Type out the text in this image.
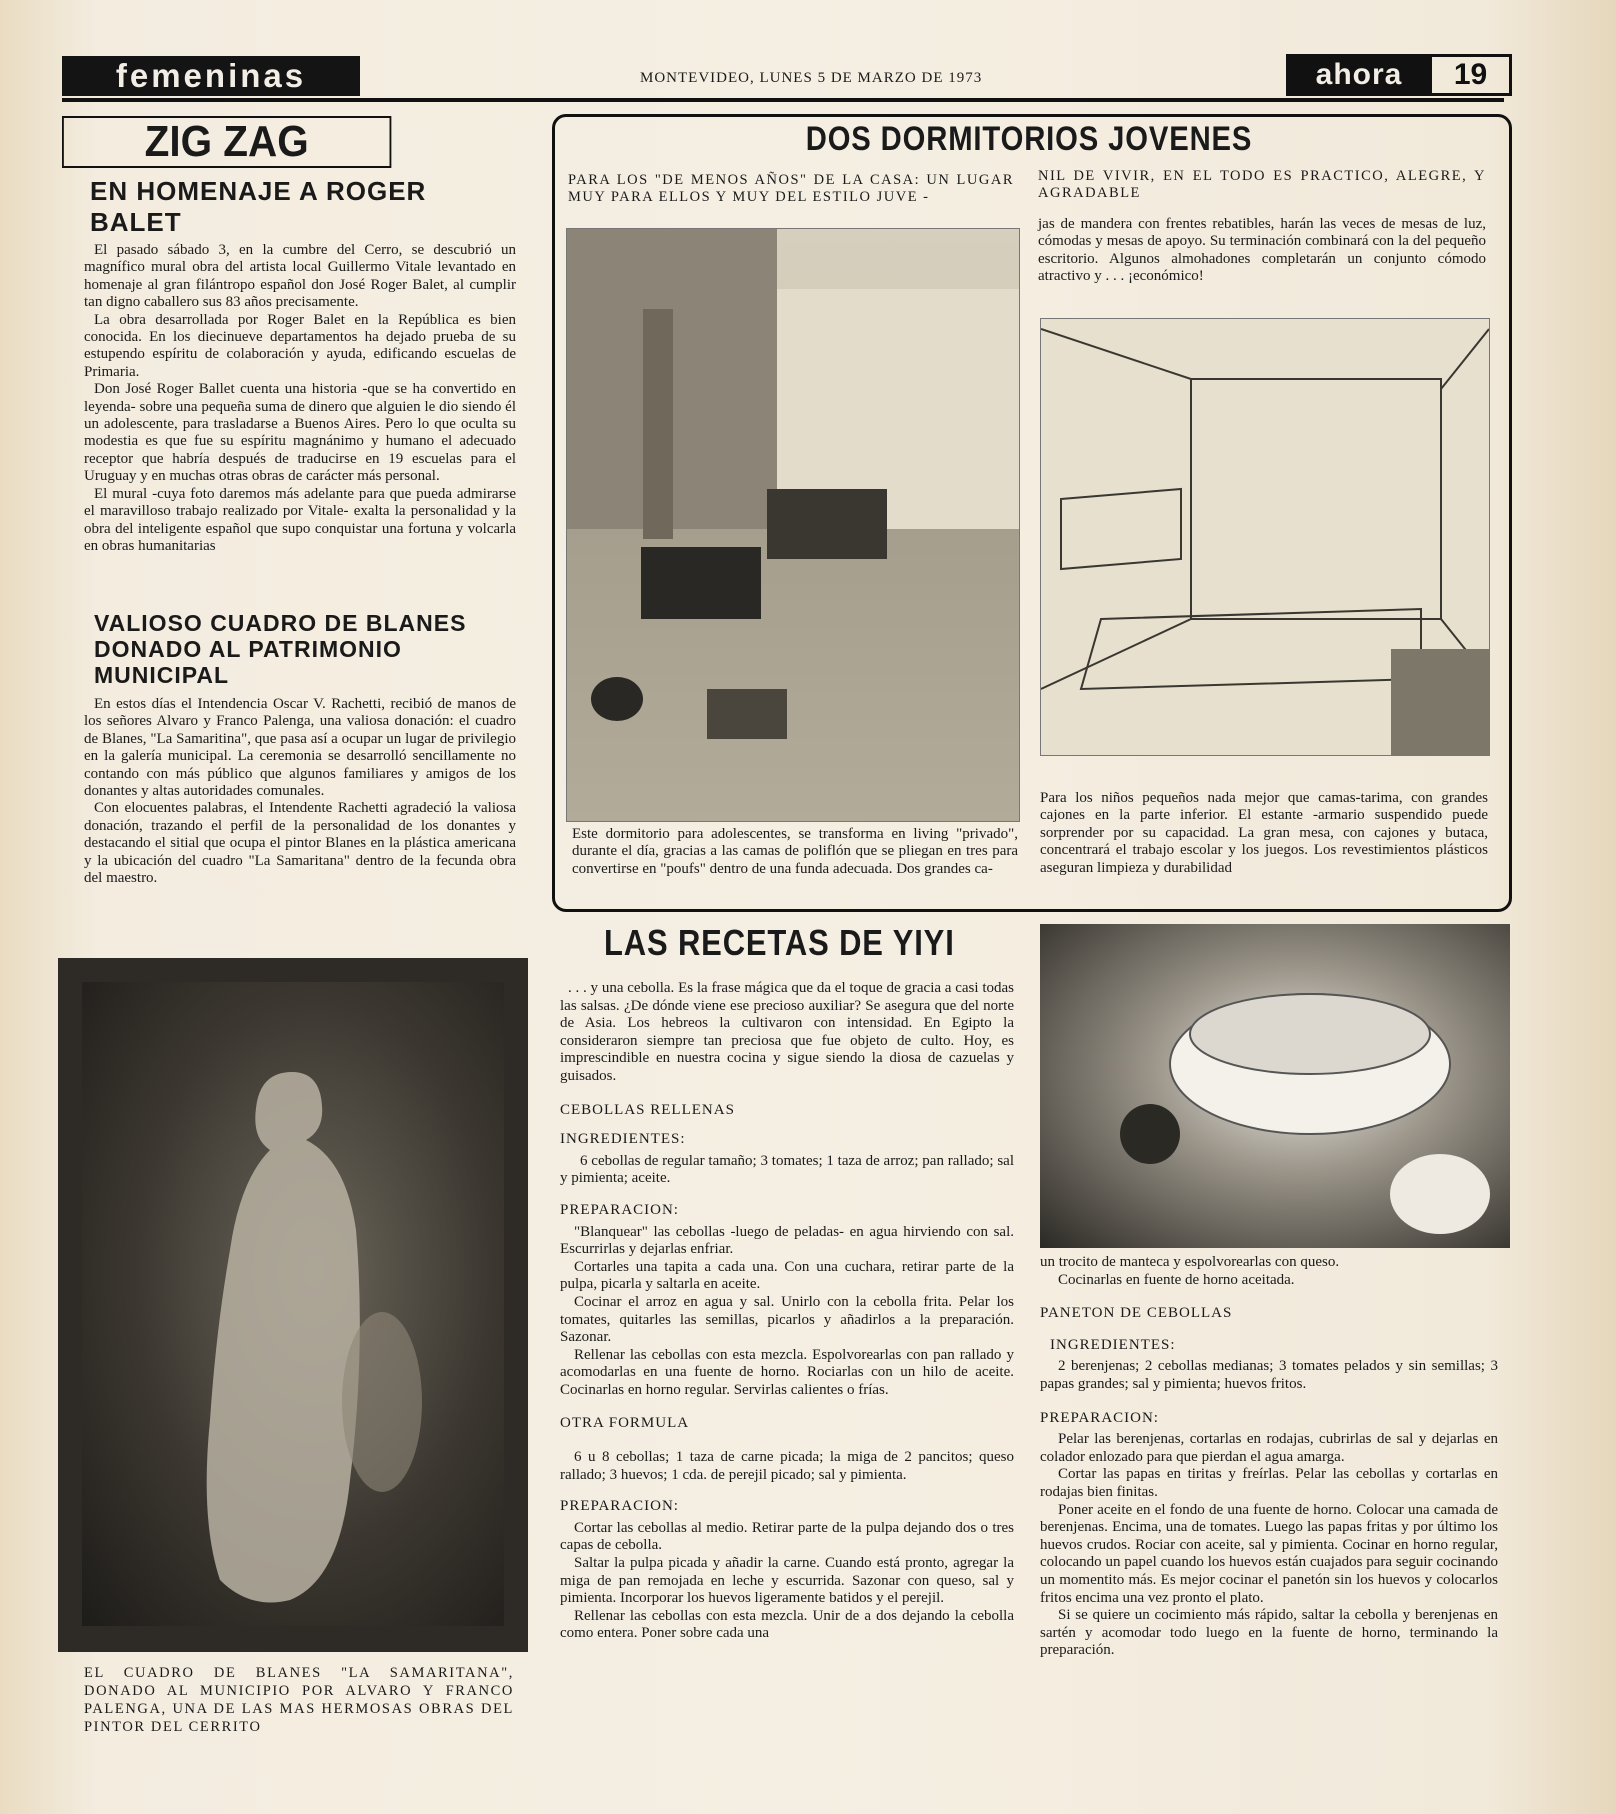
femeninas	MONTEVIDEO, LUNES 5 DE MARZO DE 1973	ahora	19
ZIG ZAG
EN HOMENAJE A ROGER BALET

El pasado sábado 3, en la cumbre del Cerro, se descubrió un magnífico mural obra del artista local Guillermo Vitale levantado en homenaje al gran filántropo español don José Roger Balet, al cumplir tan digno caballero sus 83 años precisamente.

La obra desarrollada por Roger Balet en la República es bien conocida. En los diecinueve departamentos ha dejado prueba de su estupendo espíritu de colaboración y ayuda, edificando escuelas de Primaria.

Don José Roger Ballet cuenta una historia -que se ha convertido en leyenda- sobre una pequeña suma de dinero que alguien le dio siendo él un adolescente, para trasladarse a Buenos Aires. Pero lo que oculta su modestia es que fue su espíritu magnánimo y humano el adecuado receptor que habría después de traducirse en 19 escuelas para el Uruguay y en muchas otras obras de carácter más personal.

El mural -cuya foto daremos más adelante para que pueda admirarse el maravilloso trabajo realizado por Vitale- exalta la personalidad y la obra del inteligente español que supo conquistar una fortuna y volcarla en obras humanitarias

VALIOSO CUADRO DE BLANES DONADO AL PATRIMONIO MUNICIPAL

En estos días el Intendencia Oscar V. Rachetti, recibió de manos de los señores Alvaro y Franco Palenga, una valiosa donación: el cuadro de Blanes, "La Samaritina", que pasa así a ocupar un lugar de privilegio en la galería municipal. La ceremonia se desarrolló sencillamente no contando con más público que algunos familiares y amigos de los donantes y altas autoridades comunales.

Con elocuentes palabras, el Intendente Rachetti agradeció la valiosa donación, trazando el perfil de la personalidad de los donantes y destacando el sitial que ocupa el pintor Blanes en la plástica americana y la ubicación del cuadro "La Samaritana" dentro de la fecunda obra del maestro.

EL CUADRO DE BLANES "LA SAMARITANA", DONADO AL MUNICIPIO POR ALVARO Y FRANCO PALENGA, UNA DE LAS MAS HERMOSAS OBRAS DEL PINTOR DEL CERRITO
DOS DORMITORIOS JOVENES
PARA LOS "DE MENOS AÑOS" DE LA CASA: UN LUGAR MUY PARA ELLOS Y MUY DEL ESTILO JUVE -
NIL DE VIVIR, EN EL TODO ES PRACTICO, ALEGRE, Y AGRADABLE
jas de mandera con frentes rebatibles, harán las veces de mesas de luz, cómodas y mesas de apoyo. Su terminación combinará con la del pequeño escritorio. Algunos almohadones completarán un conjunto cómodo atractivo y . . . ¡económico!
Este dormitorio para adolescentes, se transforma en living "privado", durante el día, gracias a las camas de poliflón que se pliegan en tres para convertirse en "poufs" dentro de una funda adecuada. Dos grandes ca-
Para los niños pequeños nada mejor que camas-tarima, con grandes cajones en la parte inferior. El estante -armario suspendido puede sorprender por su capacidad. La gran mesa, con cajones y butaca, concentrará el trabajo escolar y los juegos. Los revestimientos plásticos aseguran limpieza y durabilidad
LAS RECETAS DE YIYI
. . . y una cebolla. Es la frase mágica que da el toque de gracia a casi todas las salsas. ¿De dónde viene ese precioso auxiliar? Se asegura que del norte de Asia. Los hebreos la cultivaron con intensidad. En Egipto la consideraron siempre tan preciosa que fue objeto de culto. Hoy, es imprescindible en nuestra cocina y sigue siendo la diosa de cazuelas y guisados.
CEBOLLAS RELLENAS
INGREDIENTES:
6 cebollas de regular tamaño; 3 tomates; 1 taza de arroz; pan rallado; sal y pimienta; aceite.
PREPARACION:
"Blanquear" las cebollas -luego de peladas- en agua hirviendo con sal. Escurrirlas y dejarlas enfriar.
Cortarles una tapita a cada una. Con una cuchara, retirar parte de la pulpa, picarla y saltarla en aceite.
Cocinar el arroz en agua y sal. Unirlo con la cebolla frita. Pelar los tomates, quitarles las semillas, picarlos y añadirlos a la preparación. Sazonar.
Rellenar las cebollas con esta mezcla. Espolvorearlas con pan rallado y acomodarlas en una fuente de horno. Rociarlas con un hilo de aceite. Cocinarlas en horno regular. Servirlas calientes o frías.
OTRA FORMULA
6 u 8 cebollas; 1 taza de carne picada; la miga de 2 pancitos; queso rallado; 3 huevos; 1 cda. de perejil picado; sal y pimienta.
PREPARACION:
Cortar las cebollas al medio. Retirar parte de la pulpa dejando dos o tres capas de cebolla.
Saltar la pulpa picada y añadir la carne. Cuando está pronto, agregar la miga de pan remojada en leche y escurrida. Sazonar con queso, sal y pimienta. Incorporar los huevos ligeramente batidos y el perejil.
Rellenar las cebollas con esta mezcla. Unir de a dos dejando la cebolla como entera. Poner sobre cada una
un trocito de manteca y espolvorearlas con queso.
Cocinarlas en fuente de horno aceitada.
PANETON DE CEBOLLAS
INGREDIENTES:
2 berenjenas; 2 cebollas medianas; 3 tomates pelados y sin semillas; 3 papas grandes; sal y pimienta; huevos fritos.
PREPARACION:
Pelar las berenjenas, cortarlas en rodajas, cubrirlas de sal y dejarlas en colador enlozado para que pierdan el agua amarga.
Cortar las papas en tiritas y freírlas. Pelar las cebollas y cortarlas en rodajas bien finitas.
Poner aceite en el fondo de una fuente de horno. Colocar una camada de berenjenas. Encima, una de tomates. Luego las papas fritas y por último los huevos crudos. Rociar con aceite, sal y pimienta. Cocinar en horno regular, colocando un papel cuando los huevos están cuajados para seguir cocinando un momentito más. Es mejor cocinar el panetón sin los huevos y colocarlos fritos encima una vez pronto el plato.
Si se quiere un cocimiento más rápido, saltar la cebolla y berenjenas en sartén y acomodar todo luego en la fuente de horno, terminando la preparación.
